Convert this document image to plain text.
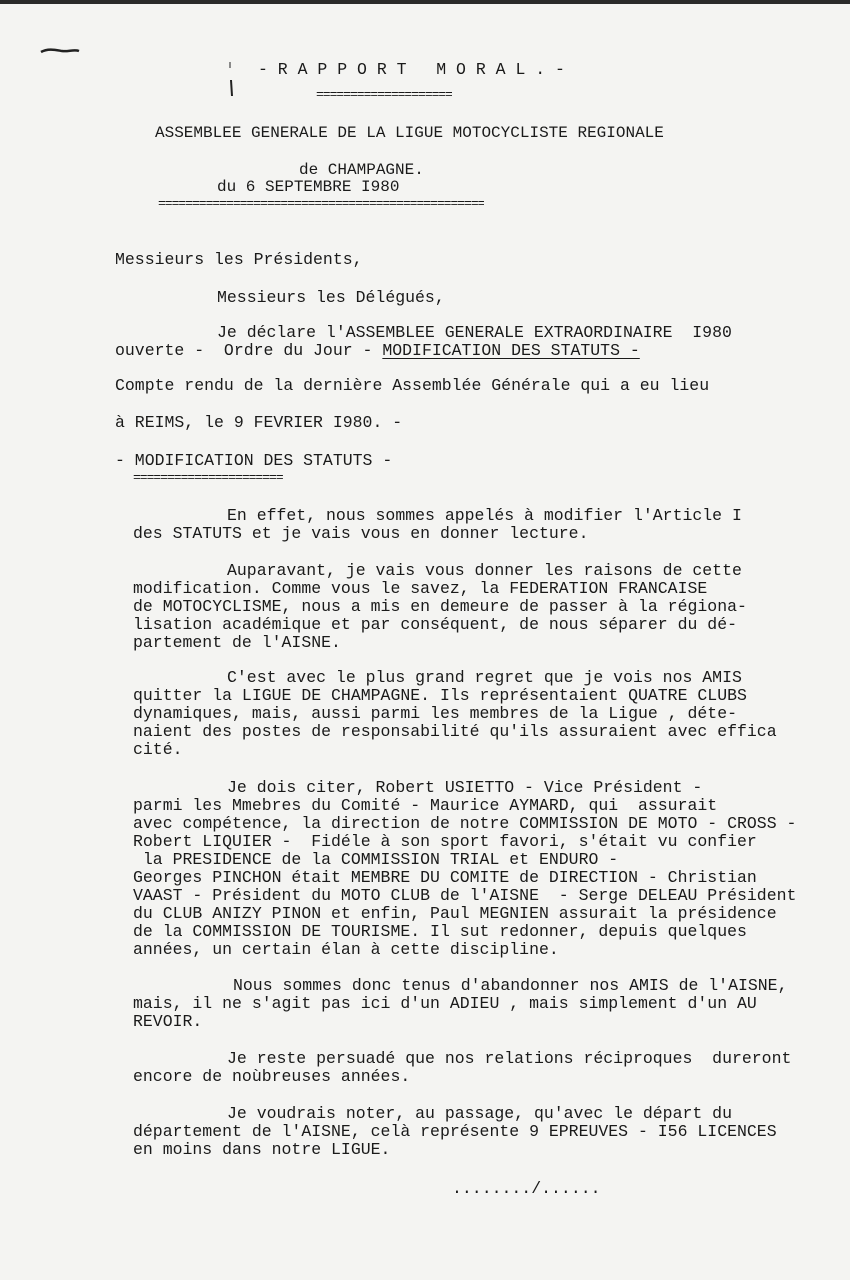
- R A P P O R T   M O R A L . -
====================
ASSEMBLEE GENERALE DE LA LIGUE MOTOCYCLISTE REGIONALE
de CHAMPAGNE.
du 6 SEPTEMBRE I980
================================================
Messieurs les Présidents,
Messieurs les Délégués,
Je déclare l'ASSEMBLEE GENERALE EXTRAORDINAIRE  I980
ouverte -  Ordre du Jour - MODIFICATION DES STATUTS -
Compte rendu de la dernière Assemblée Générale qui a eu lieu
à REIMS, le 9 FEVRIER I980. -
- MODIFICATION DES STATUTS -
======================
En effet, nous sommes appelés à modifier l'Article I
des STATUTS et je vais vous en donner lecture.
Auparavant, je vais vous donner les raisons de cette
modification. Comme vous le savez, la FEDERATION FRANCAISE
de MOTOCYCLISME, nous a mis en demeure de passer à la régiona-
lisation académique et par conséquent, de nous séparer du dé-
partement de l'AISNE.
C'est avec le plus grand regret que je vois nos AMIS
quitter la LIGUE DE CHAMPAGNE. Ils représentaient QUATRE CLUBS
dynamiques, mais, aussi parmi les membres de la Ligue , déte-
naient des postes de responsabilité qu'ils assuraient avec effica
cité.
Je dois citer, Robert USIETTO - Vice Président -
parmi les Mmebres du Comité - Maurice AYMARD, qui  assurait
avec compétence, la direction de notre COMMISSION DE MOTO - CROSS -
Robert LIQUIER -  Fidéle à son sport favori, s'était vu confier
la PRESIDENCE de la COMMISSION TRIAL et ENDURO -
Georges PINCHON était MEMBRE DU COMITE de DIRECTION - Christian
VAAST - Président du MOTO CLUB de l'AISNE  - Serge DELEAU Président
du CLUB ANIZY PINON et enfin, Paul MEGNIEN assurait la présidence
de la COMMISSION DE TOURISME. Il sut redonner, depuis quelques
années, un certain élan à cette discipline.
Nous sommes donc tenus d'abandonner nos AMIS de l'AISNE,
mais, il ne s'agit pas ici d'un ADIEU , mais simplement d'un AU
REVOIR.
Je reste persuadé que nos relations réciproques  dureront
encore de noùbreuses années.
Je voudrais noter, au passage, qu'avec le départ du
département de l'AISNE, celà représente 9 EPREUVES - I56 LICENCES
en moins dans notre LIGUE.
......../......
